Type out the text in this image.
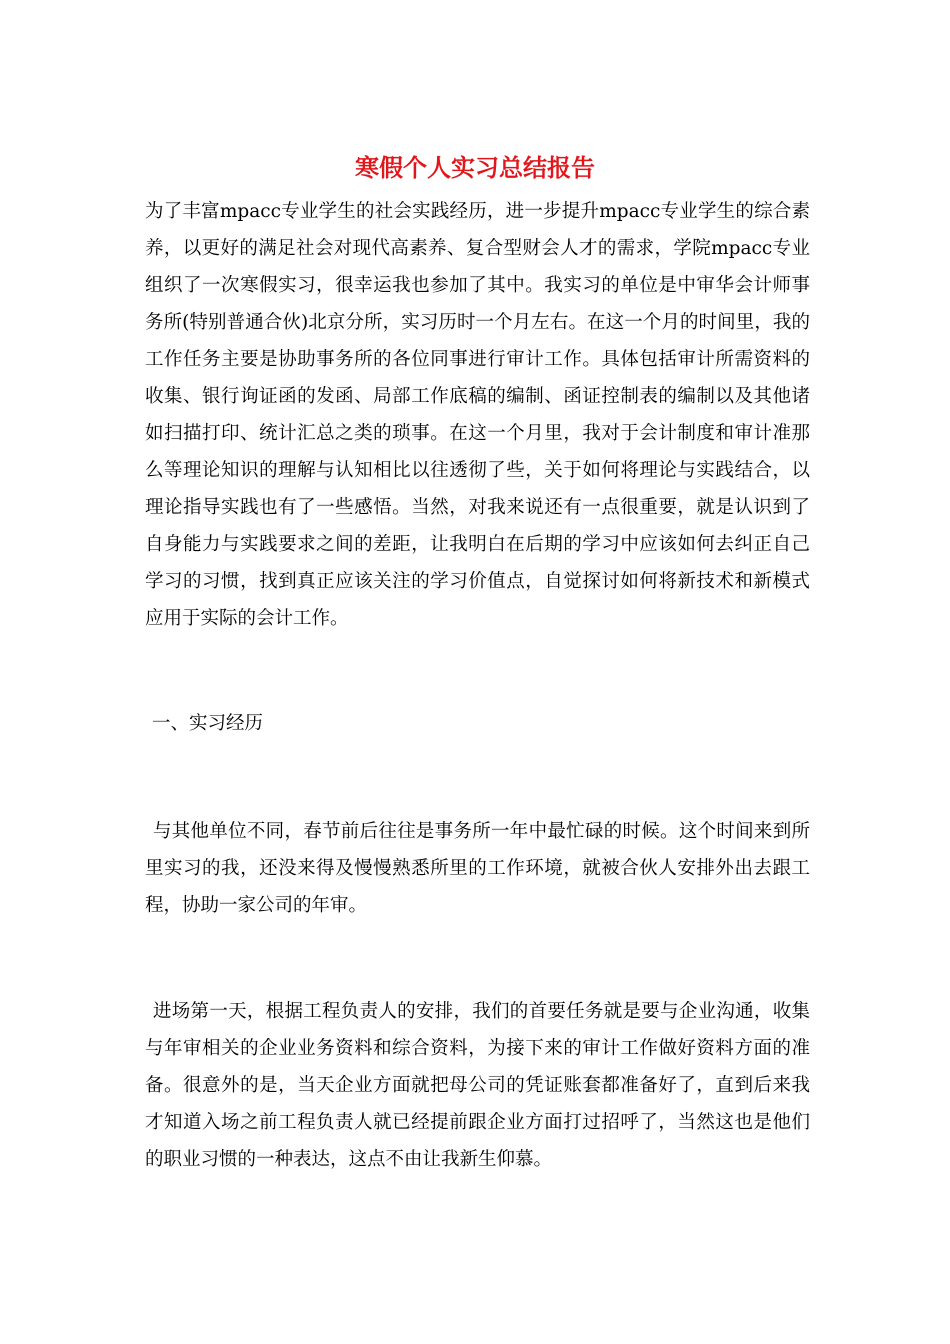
寒假个人实习总结报告

为了丰富mpacc专业学生的社会实践经历，进一步提升mpacc专业学生的综合素养，以更好的满足社会对现代高素养、复合型财会人才的需求，学院mpacc专业组织了一次寒假实习，很幸运我也参加了其中。我实习的单位是中审华会计师事务所(特别普通合伙)北京分所，实习历时一个月左右。在这一个月的时间里，我的工作任务主要是协助事务所的各位同事进行审计工作。具体包括审计所需资料的收集、银行询证函的发函、局部工作底稿的编制、函证控制表的编制以及其他诸如扫描打印、统计汇总之类的琐事。在这一个月里，我对于会计制度和审计准那么等理论知识的理解与认知相比以往透彻了些，关于如何将理论与实践结合，以理论指导实践也有了一些感悟。当然，对我来说还有一点很重要，就是认识到了自身能力与实践要求之间的差距，让我明白在后期的学习中应该如何去纠正自己学习的习惯，找到真正应该关注的学习价值点，自觉探讨如何将新技术和新模式应用于实际的会计工作。

一、实习经历

与其他单位不同，春节前后往往是事务所一年中最忙碌的时候。这个时间来到所里实习的我，还没来得及慢慢熟悉所里的工作环境，就被合伙人安排外出去跟工程，协助一家公司的年审。

进场第一天，根据工程负责人的安排，我们的首要任务就是要与企业沟通，收集与年审相关的企业业务资料和综合资料，为接下来的审计工作做好资料方面的准备。很意外的是，当天企业方面就把母公司的凭证账套都准备好了，直到后来我才知道入场之前工程负责人就已经提前跟企业方面打过招呼了，当然这也是他们的职业习惯的一种表达，这点不由让我新生仰慕。
